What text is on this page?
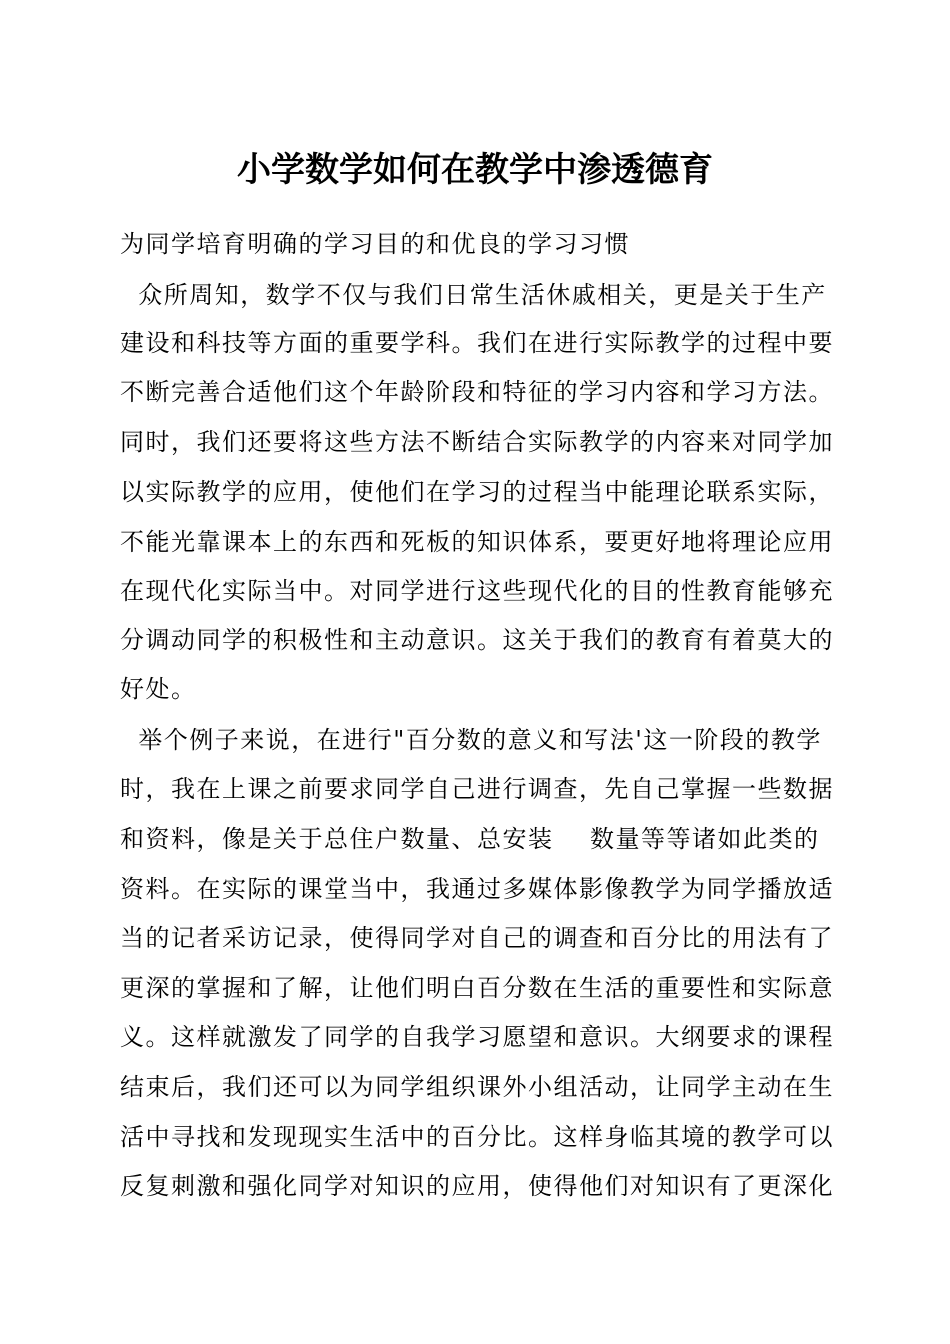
小学数学如何在教学中渗透德育
为同学培育明确的学习目的和优良的学习习惯
众所周知，数学不仅与我们日常生活休戚相关，更是关于生产
建设和科技等方面的重要学科。我们在进行实际教学的过程中要
不断完善合适他们这个年龄阶段和特征的学习内容和学习方法。
同时，我们还要将这些方法不断结合实际教学的内容来对同学加
以实际教学的应用，使他们在学习的过程当中能理论联系实际，
不能光靠课本上的东西和死板的知识体系，要更好地将理论应用
在现代化实际当中。对同学进行这些现代化的目的性教育能够充
分调动同学的积极性和主动意识。这关于我们的教育有着莫大的
好处。
举个例子来说，在进行"百分数的意义和写法'这一阶段的教学
时，我在上课之前要求同学自己进行调查，先自己掌握一些数据
和资料，像是关于总住户数量、总安装    数量等等诸如此类的
资料。在实际的课堂当中，我通过多媒体影像教学为同学播放适
当的记者采访记录，使得同学对自己的调查和百分比的用法有了
更深的掌握和了解，让他们明白百分数在生活的重要性和实际意
义。这样就激发了同学的自我学习愿望和意识。大纲要求的课程
结束后，我们还可以为同学组织课外小组活动，让同学主动在生
活中寻找和发现现实生活中的百分比。这样身临其境的教学可以
反复刺激和强化同学对知识的应用，使得他们对知识有了更深化
